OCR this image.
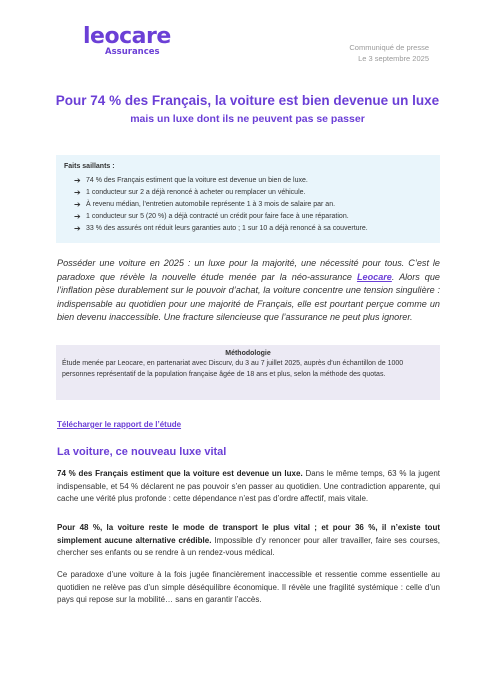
leocare
Assurances	Communiqué de presse
Le 3 septembre 2025
Pour 74 % des Français, la voiture est bien devenue un luxe
mais un luxe dont ils ne peuvent pas se passer
Faits saillants :
➔ 74 % des Français estiment que la voiture est devenue un bien de luxe.
➔ 1 conducteur sur 2 a déjà renoncé à acheter ou remplacer un véhicule.
➔ À revenu médian, l’entretien automobile représente 1 à 3 mois de salaire par an.
➔ 1 conducteur sur 5 (20 %) a déjà contracté un crédit pour faire face à une réparation.
➔ 33 % des assurés ont réduit leurs garanties auto ; 1 sur 10 a déjà renoncé à sa couverture.
Posséder une voiture en 2025 : un luxe pour la majorité, une nécessité pour tous. C’est le paradoxe que révèle la nouvelle étude menée par la néo-assurance Leocare. Alors que l’inflation pèse durablement sur le pouvoir d’achat, la voiture concentre une tension singulière : indispensable au quotidien pour une majorité de Français, elle est pourtant perçue comme un bien devenu inaccessible. Une fracture silencieuse que l’assurance ne peut plus ignorer.
Méthodologie
Étude menée par Leocare, en partenariat avec Discurv, du 3 au 7 juillet 2025, auprès d’un échantillon de 1000 personnes représentatif de la population française âgée de 18 ans et plus, selon la méthode des quotas.
Télécharger le rapport de l’étude
La voiture, ce nouveau luxe vital
74 % des Français estiment que la voiture est devenue un luxe. Dans le même temps, 63 % la jugent indispensable, et 54 % déclarent ne pas pouvoir s’en passer au quotidien. Une contradiction apparente, qui cache une vérité plus profonde : cette dépendance n’est pas d’ordre affectif, mais vitale.
Pour 48 %, la voiture reste le mode de transport le plus vital ; et pour 36 %, il n’existe tout simplement aucune alternative crédible. Impossible d’y renoncer pour aller travailler, faire ses courses, chercher ses enfants ou se rendre à un rendez-vous médical.
Ce paradoxe d’une voiture à la fois jugée financièrement inaccessible et ressentie comme essentielle au quotidien ne relève pas d’un simple déséquilibre économique. Il révèle une fragilité systémique : celle d’un pays qui repose sur la mobilité… sans en garantir l’accès.
